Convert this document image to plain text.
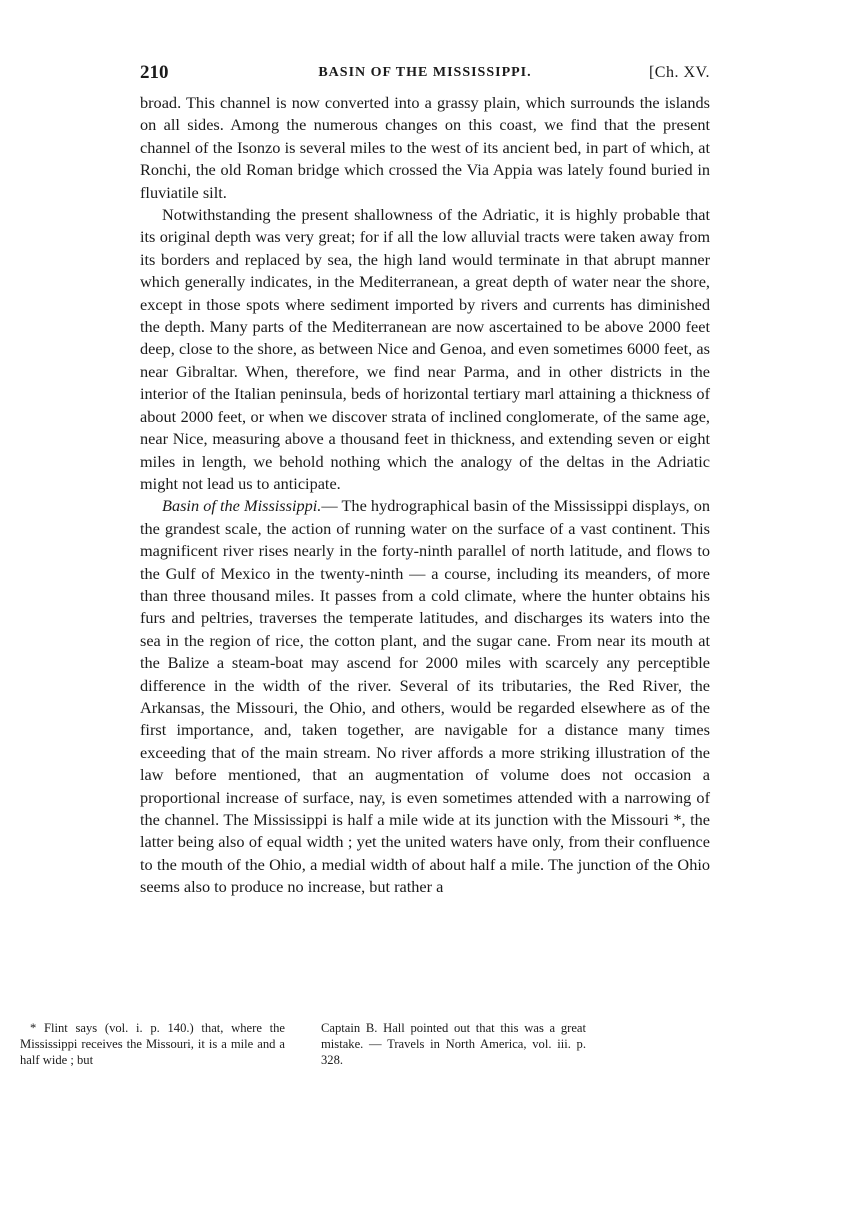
210	BASIN OF THE MISSISSIPPI.	[Ch. XV.

broad. This channel is now converted into a grassy plain, which surrounds the islands on all sides. Among the numerous changes on this coast, we find that the present channel of the Isonzo is several miles to the west of its ancient bed, in part of which, at Ronchi, the old Roman bridge which crossed the Via Appia was lately found buried in fluviatile silt.

Notwithstanding the present shallowness of the Adriatic, it is highly probable that its original depth was very great; for if all the low alluvial tracts were taken away from its borders and replaced by sea, the high land would terminate in that abrupt manner which generally indicates, in the Mediterranean, a great depth of water near the shore, except in those spots where sediment imported by rivers and currents has diminished the depth. Many parts of the Mediterranean are now ascertained to be above 2000 feet deep, close to the shore, as between Nice and Genoa, and even sometimes 6000 feet, as near Gibraltar. When, therefore, we find near Parma, and in other districts in the interior of the Italian peninsula, beds of horizontal tertiary marl attaining a thickness of about 2000 feet, or when we discover strata of inclined conglomerate, of the same age, near Nice, measuring above a thousand feet in thickness, and extending seven or eight miles in length, we behold nothing which the analogy of the deltas in the Adriatic might not lead us to anticipate.

Basin of the Mississippi.— The hydrographical basin of the Mississippi displays, on the grandest scale, the action of running water on the surface of a vast continent. This magnificent river rises nearly in the forty-ninth parallel of north latitude, and flows to the Gulf of Mexico in the twenty-ninth — a course, including its meanders, of more than three thousand miles. It passes from a cold climate, where the hunter obtains his furs and peltries, traverses the temperate latitudes, and discharges its waters into the sea in the region of rice, the cotton plant, and the sugar cane. From near its mouth at the Balize a steam-boat may ascend for 2000 miles with scarcely any perceptible difference in the width of the river. Several of its tributaries, the Red River, the Arkansas, the Missouri, the Ohio, and others, would be regarded elsewhere as of the first importance, and, taken together, are navigable for a distance many times exceeding that of the main stream. No river affords a more striking illustration of the law before mentioned, that an augmentation of volume does not occasion a proportional increase of surface, nay, is even sometimes attended with a narrowing of the channel. The Mississippi is half a mile wide at its junction with the Missouri *, the latter being also of equal width ; yet the united waters have only, from their confluence to the mouth of the Ohio, a medial width of about half a mile. The junction of the Ohio seems also to produce no increase, but rather a

* Flint says (vol. i. p. 140.) that, where the Mississippi receives the Missouri, it is a mile and a half wide ; but
Captain B. Hall pointed out that this was a great mistake. — Travels in North America, vol. iii. p. 328.
